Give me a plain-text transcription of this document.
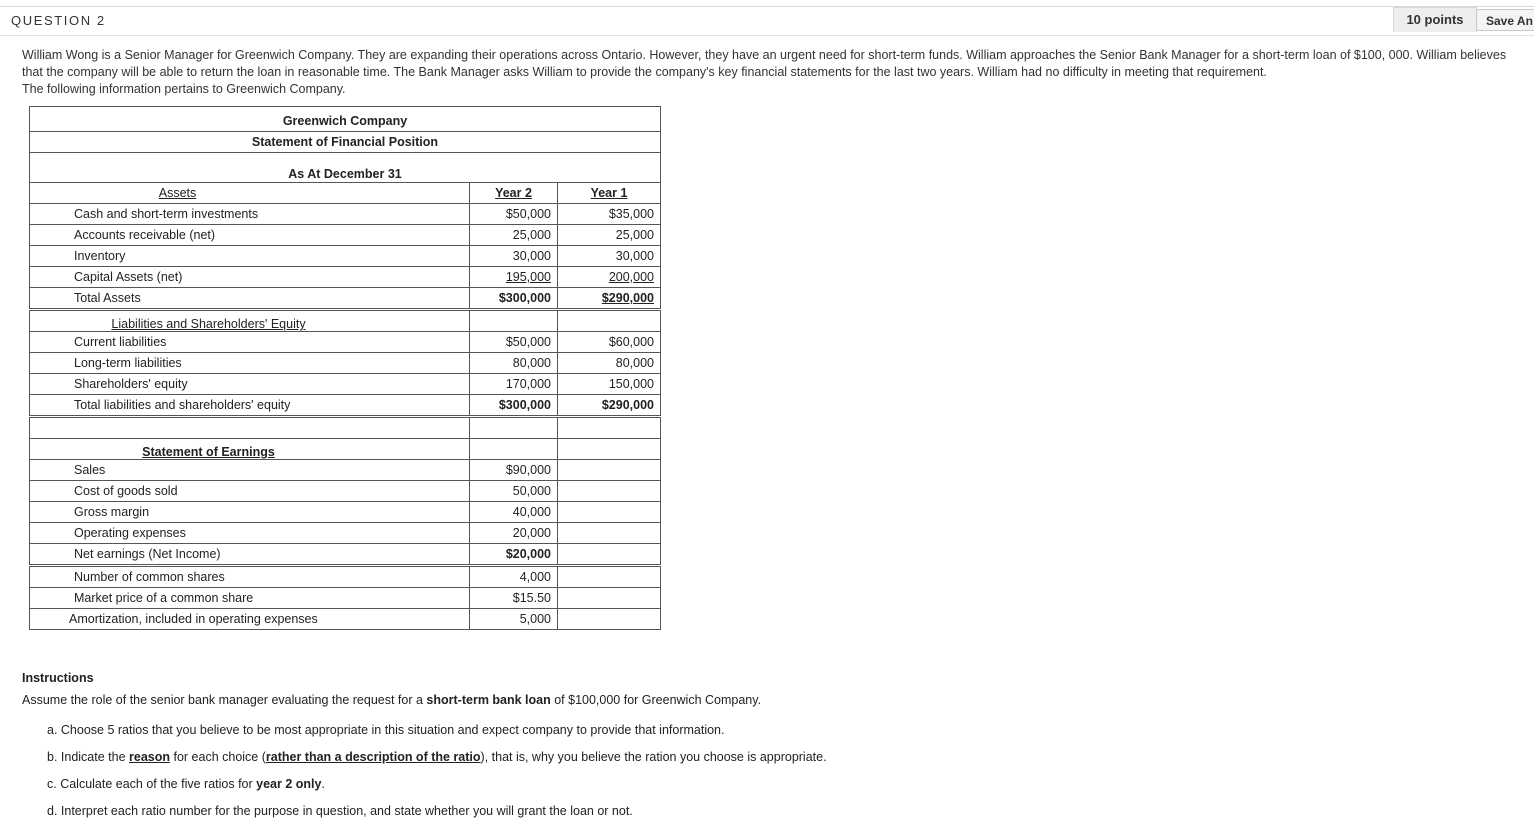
QUESTION 2	10 points	Save An
William Wong is a Senior Manager for Greenwich Company. They are expanding their operations across Ontario. However, they have an urgent need for short-term funds. William approaches the Senior Bank Manager for a short-term loan of $100, 000. William believes that the company will be able to return the loan in reasonable time. The Bank Manager asks William to provide the company's key financial statements for the last two years. William had no difficulty in meeting that requirement.
The following information pertains to Greenwich Company.
Greenwich Company		
Statement of Financial Position		
As At December 31		
Assets	Year 2	Year 1
Cash and short-term investments	$50,000	$35,000
Accounts receivable (net)	25,000	25,000
Inventory	30,000	30,000
Capital Assets (net)	195,000	200,000
Total Assets	$300,000	$290,000
Liabilities and Shareholders' Equity		
Current liabilities	$50,000	$60,000
Long-term liabilities	80,000	80,000
Shareholders' equity	170,000	150,000
Total liabilities and shareholders' equity	$300,000	$290,000

Statement of Earnings		
Sales	$90,000	
Cost of goods sold	50,000	
Gross margin	40,000	
Operating expenses	20,000	
Net earnings (Net Income)	$20,000	
Number of common shares	4,000	
Market price of a common share	$15.50	
Amortization, included in operating expenses	5,000	
Instructions
Assume the role of the senior bank manager evaluating the request for a short-term bank loan of $100,000 for Greenwich Company.
a. Choose 5 ratios that you believe to be most appropriate in this situation and expect company to provide that information.
b. Indicate the reason for each choice (rather than a description of the ratio), that is, why you believe the ration you choose is appropriate.
c. Calculate each of the five ratios for year 2 only.
d. Interpret each ratio number for the purpose in question, and state whether you will grant the loan or not.
